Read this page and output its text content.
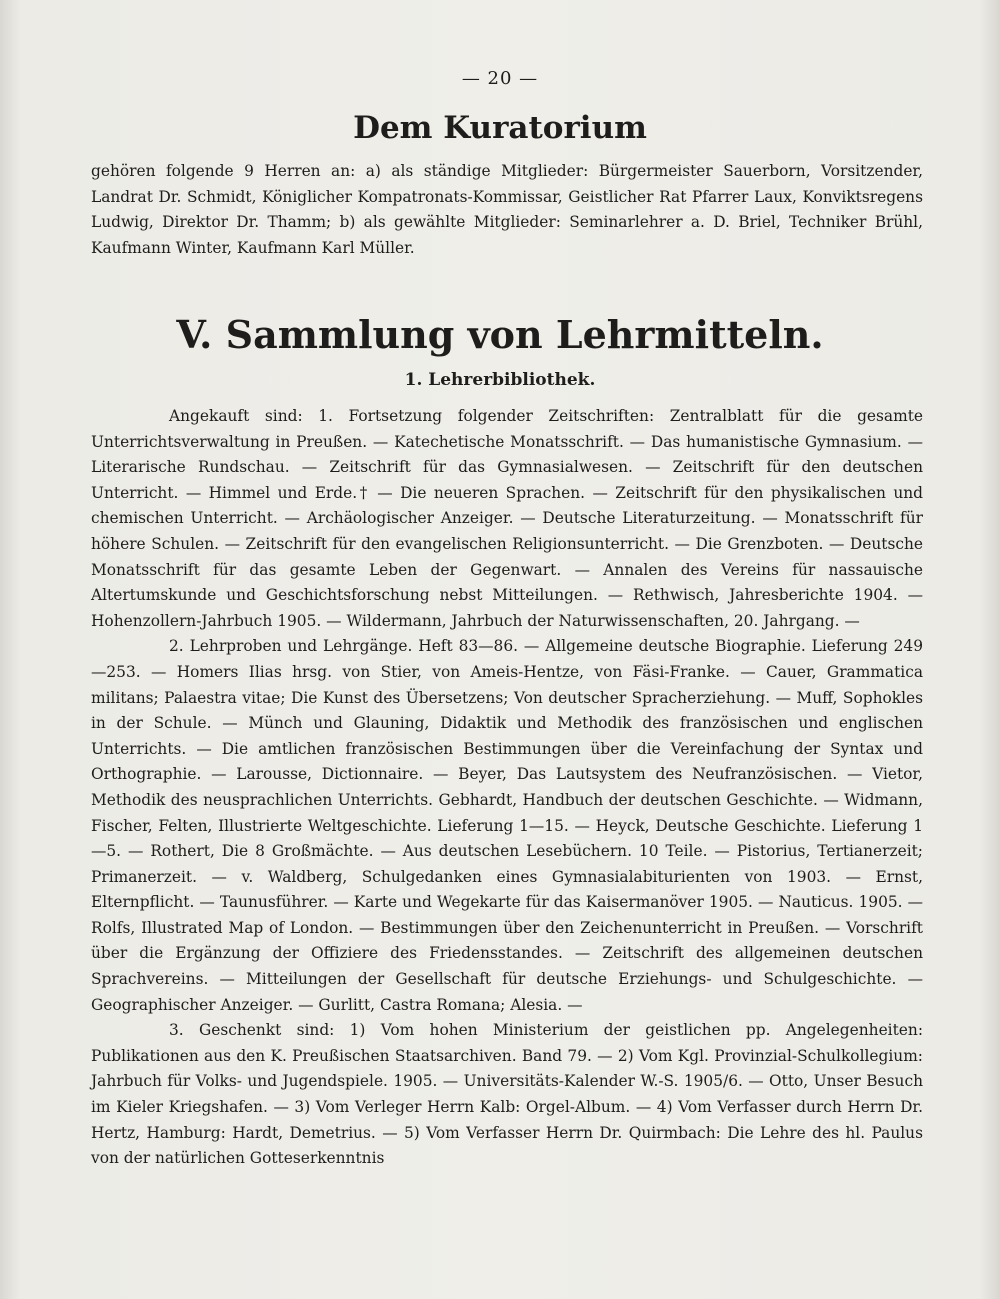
— 20 —
Dem Kuratorium

gehören folgende 9 Herren an: a) als ständige Mitglieder: Bürgermeister Sauerborn, Vorsitzender, Landrat Dr. Schmidt, Königlicher Kompatronats-Kommissar, Geistlicher Rat Pfarrer Laux, Konviktsregens Ludwig, Direktor Dr. Thamm; b) als gewählte Mitglieder: Seminarlehrer a. D. Briel, Techniker Brühl, Kaufmann Winter, Kaufmann Karl Müller.

V. Sammlung von Lehrmitteln.
1. Lehrerbibliothek.

Angekauft sind: 1. Fortsetzung folgender Zeitschriften: Zentralblatt für die gesamte Unterrichtsverwaltung in Preußen. — Katechetische Monatsschrift. — Das humanistische Gymnasium. — Literarische Rundschau. — Zeitschrift für das Gymnasialwesen. — Zeitschrift für den deutschen Unterricht. — Himmel und Erde.† — Die neueren Sprachen. — Zeitschrift für den physikalischen und chemischen Unterricht. — Archäologischer Anzeiger. — Deutsche Literaturzeitung. — Monatsschrift für höhere Schulen. — Zeitschrift für den evangelischen Religionsunterricht. — Die Grenzboten. — Deutsche Monatsschrift für das gesamte Leben der Gegenwart. — Annalen des Vereins für nassauische Altertumskunde und Geschichtsforschung nebst Mitteilungen. — Rethwisch, Jahresberichte 1904. — Hohenzollern-Jahrbuch 1905. — Wildermann, Jahrbuch der Naturwissenschaften, 20. Jahrgang. —

2. Lehrproben und Lehrgänge. Heft 83—86. — Allgemeine deutsche Biographie. Lieferung 249—253. — Homers Ilias hrsg. von Stier, von Ameis-Hentze, von Fäsi-Franke. — Cauer, Grammatica militans; Palaestra vitae; Die Kunst des Übersetzens; Von deutscher Spracherziehung. — Muff, Sophokles in der Schule. — Münch und Glauning, Didaktik und Methodik des französischen und englischen Unterrichts. — Die amtlichen französischen Bestimmungen über die Vereinfachung der Syntax und Orthographie. — Larousse, Dictionnaire. — Beyer, Das Lautsystem des Neufranzösischen. — Vietor, Methodik des neusprachlichen Unterrichts. Gebhardt, Handbuch der deutschen Geschichte. — Widmann, Fischer, Felten, Illustrierte Weltgeschichte. Lieferung 1—15. — Heyck, Deutsche Geschichte. Lieferung 1—5. — Rothert, Die 8 Großmächte. — Aus deutschen Lesebüchern. 10 Teile. — Pistorius, Tertianerzeit; Primanerzeit. — v. Waldberg, Schulgedanken eines Gymnasialabiturienten von 1903. — Ernst, Elternpflicht. — Taunusführer. — Karte und Wegekarte für das Kaisermanöver 1905. — Nauticus. 1905. — Rolfs, Illustrated Map of London. — Bestimmungen über den Zeichenunterricht in Preußen. — Vorschrift über die Ergänzung der Offiziere des Friedensstandes. — Zeitschrift des allgemeinen deutschen Sprachvereins. — Mitteilungen der Gesellschaft für deutsche Erziehungs- und Schulgeschichte. — Geographischer Anzeiger. — Gurlitt, Castra Romana; Alesia. —

3. Geschenkt sind: 1) Vom hohen Ministerium der geistlichen pp. Angelegenheiten: Publikationen aus den K. Preußischen Staatsarchiven. Band 79. — 2) Vom Kgl. Provinzial-Schulkollegium: Jahrbuch für Volks- und Jugendspiele. 1905. — Universitäts-Kalender W.-S. 1905/6. — Otto, Unser Besuch im Kieler Kriegshafen. — 3) Vom Verleger Herrn Kalb: Orgel-Album. — 4) Vom Verfasser durch Herrn Dr. Hertz, Hamburg: Hardt, Demetrius. — 5) Vom Verfasser Herrn Dr. Quirmbach: Die Lehre des hl. Paulus von der natürlichen Gotteserkenntnis
